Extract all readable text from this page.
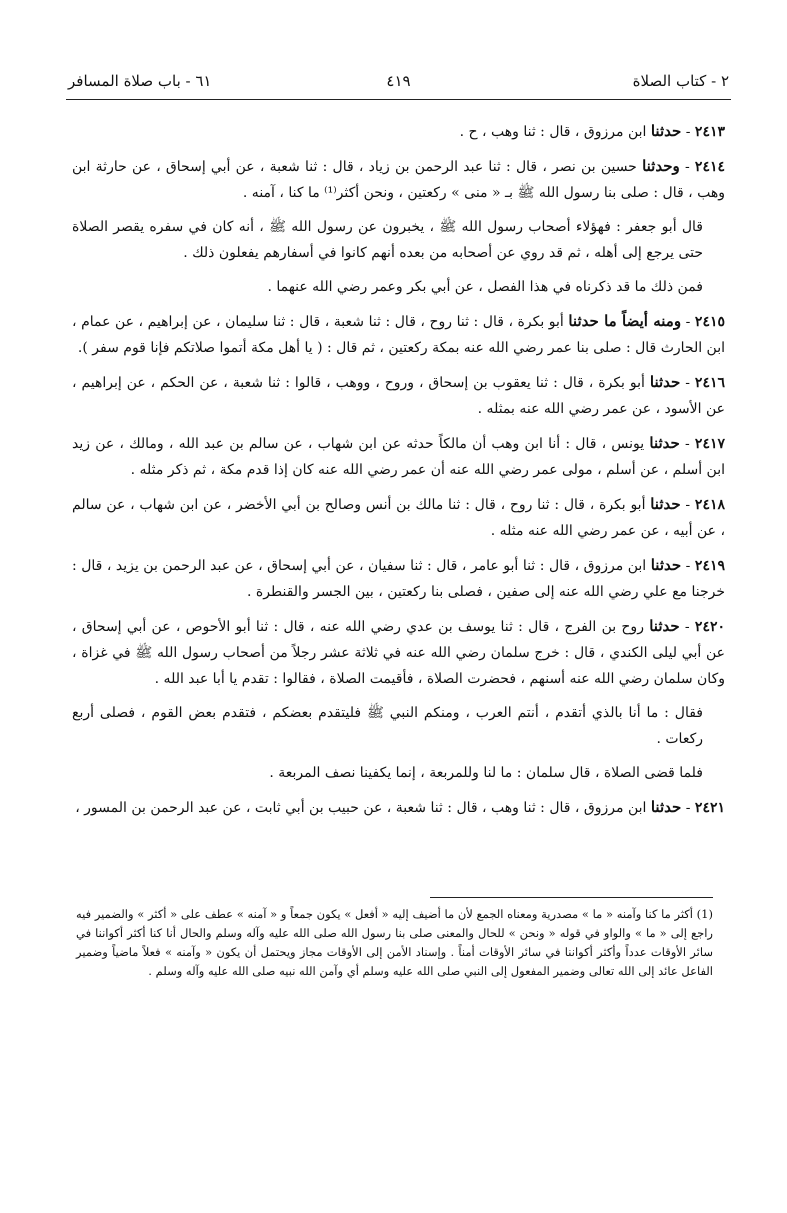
٢ - كتاب الصلاة
٤١٩
٦١ - باب صلاة المسافر

٢٤١٣ - حدثنا ابن مرزوق ، قال : ثنا وهب ، ح .

٢٤١٤ - وحدثنا حسين بن نصر ، قال : ثنا عبد الرحمن بن زياد ، قال : ثنا شعبة ، عن أبي إسحاق ، عن حارثة ابن وهب ، قال : صلى بنا رسول الله ﷺ بـ « منى » ركعتين ، ونحن أكثر⁽¹⁾ ما كنا ، آمنه .

قال أبو جعفر : فهؤلاء أصحاب رسول الله ﷺ ، يخبرون عن رسول الله ﷺ ، أنه كان في سفره يقصر الصلاة حتى يرجع إلى أهله ، ثم قد روي عن أصحابه من بعده أنهم كانوا في أسفارهم يفعلون ذلك .

فمن ذلك ما قد ذكرناه في هذا الفصل ، عن أبي بكر وعمر رضي الله عنهما .

٢٤١٥ - ومنه أيضاً ما حدثنا أبو بكرة ، قال : ثنا روح ، قال : ثنا شعبة ، قال : ثنا سليمان ، عن إبراهيم ، عن عمام ، ابن الحارث قال : صلى بنا عمر رضي الله عنه بمكة ركعتين ، ثم قال : ( يا أهل مكة أتموا صلاتكم فإنا قوم سفر ).

٢٤١٦ - حدثنا أبو بكرة ، قال : ثنا يعقوب بن إسحاق ، وروح ، ووهب ، قالوا : ثنا شعبة ، عن الحكم ، عن إبراهيم ، عن الأسود ، عن عمر رضي الله عنه بمثله .

٢٤١٧ - حدثنا يونس ، قال : أنا ابن وهب أن مالكاً حدثه عن ابن شهاب ، عن سالم بن عبد الله ، ومالك ، عن زيد ابن أسلم ، عن أسلم ، مولى عمر رضي الله عنه أن عمر رضي الله عنه كان إذا قدم مكة ، ثم ذكر مثله .

٢٤١٨ - حدثنا أبو بكرة ، قال : ثنا روح ، قال : ثنا مالك بن أنس وصالح بن أبي الأخضر ، عن ابن شهاب ، عن سالم ، عن أبيه ، عن عمر رضي الله عنه مثله .

٢٤١٩ - حدثنا ابن مرزوق ، قال : ثنا أبو عامر ، قال : ثنا سفيان ، عن أبي إسحاق ، عن عبد الرحمن بن يزيد ، قال : خرجنا مع علي رضي الله عنه إلى صفين ، فصلى بنا ركعتين ، بين الجسر والقنطرة .

٢٤٢٠ - حدثنا روح بن الفرج ، قال : ثنا يوسف بن عدي رضي الله عنه ، قال : ثنا أبو الأحوص ، عن أبي إسحاق ، عن أبي ليلى الكندي ، قال : خرج سلمان رضي الله عنه في ثلاثة عشر رجلاً من أصحاب رسول الله ﷺ في غزاة ، وكان سلمان رضي الله عنه أسنهم ، فحضرت الصلاة ، فأقيمت الصلاة ، فقالوا : تقدم يا أبا عبد الله .

فقال : ما أنا بالذي أتقدم ، أنتم العرب ، ومنكم النبي ﷺ فليتقدم بعضكم ، فتقدم بعض القوم ، فصلى أربع ركعات .

فلما قضى الصلاة ، قال سلمان : ما لنا وللمربعة ، إنما يكفينا نصف المربعة .

٢٤٢١ - حدثنا ابن مرزوق ، قال : ثنا وهب ، قال : ثنا شعبة ، عن حبيب بن أبي ثابت ، عن عبد الرحمن بن المسور ،

(1) أكثر ما كنا وآمنه « ما » مصدرية ومعناه الجمع لأن ما أضيف إليه « أفعل » يكون جمعاً و « آمنه » عطف على « أكثر » والضمير فيه راجع إلى « ما » والواو في قوله « ونحن » للحال والمعنى صلى بنا رسول الله صلى الله عليه وآله وسلم والحال أنا كنا أكثر أكواننا في سائر الأوقات عدداً وأكثر أكواننا في سائر الأوقات أمناً . وإسناد الأمن إلى الأوقات مجاز ويحتمل أن يكون « وآمنه » فعلاً ماضياً وضمير الفاعل عائد إلى الله تعالى وضمير المفعول إلى النبي صلى الله عليه وسلم أي وآمن الله نبيه صلى الله عليه وآله وسلم .
